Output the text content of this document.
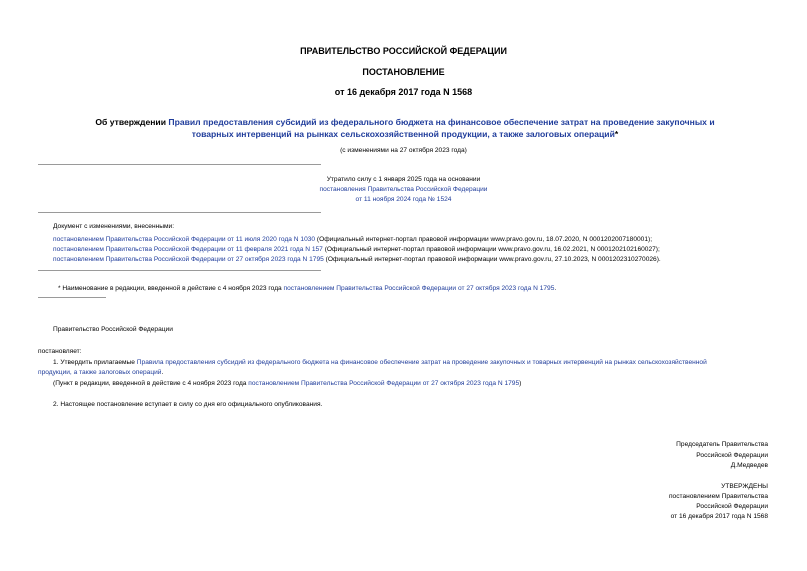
ПРАВИТЕЛЬСТВО РОССИЙСКОЙ ФЕДЕРАЦИИ
ПОСТАНОВЛЕНИЕ
от 16 декабря 2017 года N 1568
Об утверждении Правил предоставления субсидий из федерального бюджета на финансовое обеспечение затрат на проведение закупочных и товарных интервенций на рынках сельскохозяйственной продукции, а также залоговых операций*
(с изменениями на 27 октября 2023 года)
Утратило силу с 1 января 2025 года на основании
постановления Правительства Российской Федерации
от 11 ноября 2024 года № 1524
Документ с изменениями, внесенными:
постановлением Правительства Российской Федерации от 11 июля 2020 года N 1030 (Официальный интернет-портал правовой информации www.pravo.gov.ru, 18.07.2020, N 0001202007180001);
постановлением Правительства Российской Федерации от 11 февраля 2021 года N 157 (Официальный интернет-портал правовой информации www.pravo.gov.ru, 16.02.2021, N 0001202102160027);
постановлением Правительства Российской Федерации от 27 октября 2023 года N 1795 (Официальный интернет-портал правовой информации www.pravo.gov.ru, 27.10.2023, N 0001202310270026).
* Наименование в редакции, введенной в действие с 4 ноября 2023 года постановлением Правительства Российской Федерации от 27 октября 2023 года N 1795.
Правительство Российской Федерации
постановляет:
1. Утвердить прилагаемые Правила предоставления субсидий из федерального бюджета на финансовое обеспечение затрат на проведение закупочных и товарных интервенций на рынках сельскохозяйственной
продукции, а также залоговых операций.
(Пункт в редакции, введенной в действие с 4 ноября 2023 года постановлением Правительства Российской Федерации от 27 октября 2023 года N 1795)
2. Настоящее постановление вступает в силу со дня его официального опубликования.
Председатель Правительства
Российской Федерации
Д.Медведев
УТВЕРЖДЕНЫ
постановлением Правительства
Российской Федерации
от 16 декабря 2017 года N 1568
